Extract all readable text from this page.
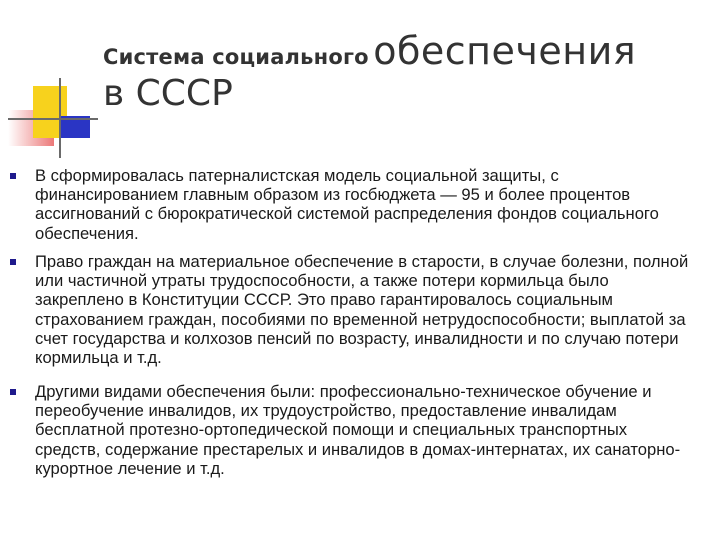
Система социального обеспечения
в СССР
В сформировалась патерналистская модель социальной защиты, с финансированием главным образом из госбюджета — 95 и более процентов ассигнований с бюрократической системой распределения фондов социального обеспечения.
Право граждан на материальное обеспечение в старости, в случае болезни, полной или частичной утраты трудоспособности, а также потери кормильца было закреплено в Конституции СССР. Это право гарантировалось социальным страхованием граждан, пособиями по временной нетрудоспособности; выплатой за счет государства и колхозов пенсий по возрасту, инвалидности и по случаю потери кормильца и т.д.
Другими видами обеспечения были: профессионально-техническое обучение и переобучение инвалидов, их трудоустройство, предоставление инвалидам бесплатной протезно-ортопедической помощи и специальных транспортных средств, содержание престарелых и инвалидов в домах-интернатах, их санаторно-курортное лечение и т.д.
